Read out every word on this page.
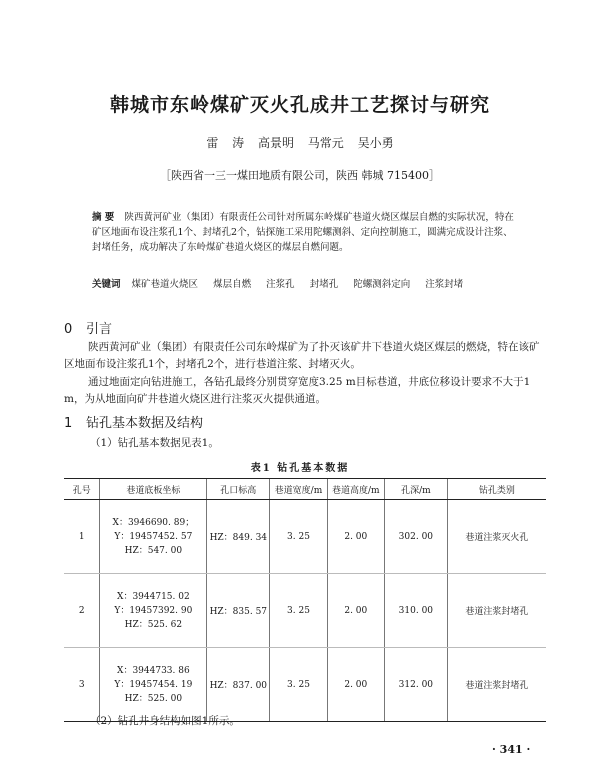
韩城市东岭煤矿灭火孔成井工艺探讨与研究
雷 涛 高景明 马常元 吴小勇
［陕西省一三一煤田地质有限公司，陕西 韩城 715400］
摘 要 陕西黄河矿业（集团）有限责任公司针对所属东岭煤矿巷道火烧区煤层自燃的实际状况，特在矿区地面布设注浆孔1个、封堵孔2个，钻探施工采用陀螺测斜、定向控制施工，圆满完成设计注浆、封堵任务，成功解决了东岭煤矿巷道火烧区的煤层自燃问题。
关键词 煤矿巷道火烧区 煤层自燃 注浆孔 封堵孔 陀螺测斜定向 注浆封堵
0 引言
陕西黄河矿业（集团）有限责任公司东岭煤矿为了扑灭该矿井下巷道火烧区煤层的燃烧，特在该矿区地面布设注浆孔1个，封堵孔2个，进行巷道注浆、封堵灭火。
通过地面定向钻进施工，各钻孔最终分别贯穿宽度3.25 m目标巷道，井底位移设计要求不大于1 m，为从地面向矿井巷道火烧区进行注浆灭火提供通道。
1 钻孔基本数据及结构
（1）钻孔基本数据见表1。
表1 钻孔基本数据
孔号	巷道底板坐标	孔口标高	巷道宽度/m	巷道高度/m	孔深/m	钻孔类别
1	X：3946690. 89；
Y：19457452. 57
HZ：547. 00	HZ：849. 34	3. 25	2. 00	302. 00	巷道注浆灭火孔
2	X：3944715. 02
Y：19457392. 90
HZ：525. 62	HZ：835. 57	3. 25	2. 00	310. 00	巷道注浆封堵孔
3	X：3944733. 86
Y：19457454. 19
HZ：525. 00	HZ：837. 00	3. 25	2. 00	312. 00	巷道注浆封堵孔
（2）钻孔井身结构如图1所示。
· 341 ·
